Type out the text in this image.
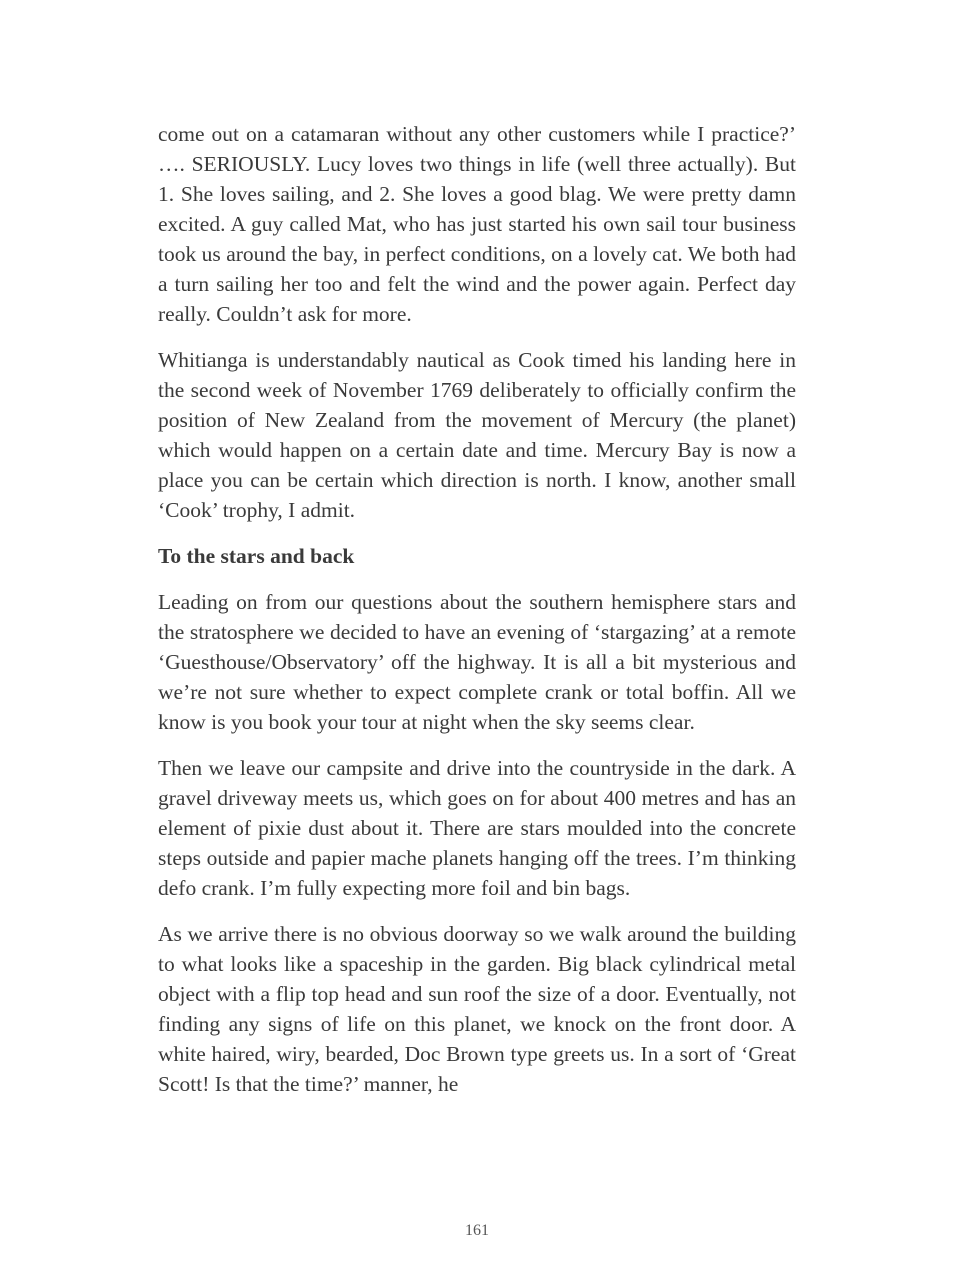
come out on a catamaran without any other customers while I practice?’ …. SERIOUSLY. Lucy loves two things in life (well three actually). But 1. She loves sailing, and 2. She loves a good blag. We were pretty damn excited. A guy called Mat, who has just started his own sail tour business took us around the bay, in perfect conditions, on a lovely cat. We both had a turn sailing her too and felt the wind and the power again. Perfect day really. Couldn’t ask for more.

Whitianga is understandably nautical as Cook timed his landing here in the second week of November 1769 deliberately to officially confirm the position of New Zealand from the movement of Mercury (the planet) which would happen on a certain date and time. Mercury Bay is now a place you can be certain which direction is north. I know, another small ‘Cook’ trophy, I admit.

To the stars and back

Leading on from our questions about the southern hemisphere stars and the stratosphere we decided to have an evening of ‘stargazing’ at a remote ‘Guesthouse/Observatory’ off the highway. It is all a bit mysterious and we’re not sure whether to expect complete crank or total boffin. All we know is you book your tour at night when the sky seems clear.

Then we leave our campsite and drive into the countryside in the dark. A gravel driveway meets us, which goes on for about 400 metres and has an element of pixie dust about it. There are stars moulded into the concrete steps outside and papier mache planets hanging off the trees. I’m thinking defo crank. I’m fully expecting more foil and bin bags.

As we arrive there is no obvious doorway so we walk around the building to what looks like a spaceship in the garden. Big black cylindrical metal object with a flip top head and sun roof the size of a door. Eventually, not finding any signs of life on this planet, we knock on the front door. A white haired, wiry, bearded, Doc Brown type greets us. In a sort of ‘Great Scott! Is that the time?’ manner, he

161
